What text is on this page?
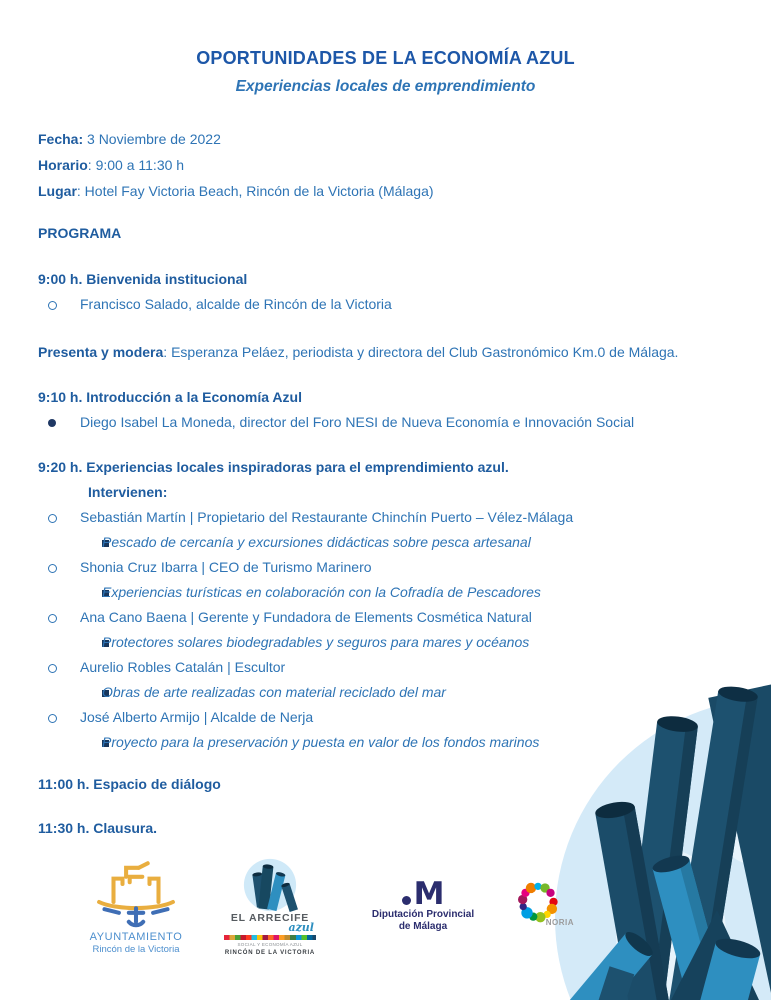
OPORTUNIDADES DE LA ECONOMÍA AZUL
Experiencias locales de emprendimiento
Fecha: 3 Noviembre de 2022
Horario: 9:00 a 11:30 h
Lugar: Hotel Fay Victoria Beach, Rincón de la Victoria (Málaga)
PROGRAMA
9:00 h. Bienvenida institucional
Francisco Salado, alcalde de Rincón de la Victoria
Presenta y modera: Esperanza Peláez, periodista y directora del Club Gastronómico Km.0 de Málaga.
9:10 h. Introducción a la Economía Azul
Diego Isabel La Moneda, director del Foro NESI de Nueva Economía e Innovación Social
9:20 h. Experiencias locales inspiradoras para el emprendimiento azul.
Intervienen:
Sebastián Martín | Propietario del Restaurante Chinchín Puerto – Vélez-Málaga
Pescado de cercanía y excursiones didácticas sobre pesca artesanal
Shonia Cruz Ibarra | CEO de Turismo Marinero
Experiencias turísticas en colaboración con la Cofradía de Pescadores
Ana Cano Baena | Gerente y Fundadora de Elements Cosmética Natural
Protectores solares biodegradables y seguros para mares y océanos
Aurelio Robles Catalán | Escultor
Obras de arte realizadas con material reciclado del mar
José Alberto Armijo | Alcalde de Nerja
Proyecto para la preservación y puesta en valor de los fondos marinos
11:00 h. Espacio de diálogo
11:30 h. Clausura.
AYUNTAMIENTO
Rincón de la Victoria
EL ARRECIFE
azul
SOCIAL Y ECONOMÍA AZUL
RINCÓN DE LA VICTORIA
M
Diputación Provincial
de Málaga	NORIA
